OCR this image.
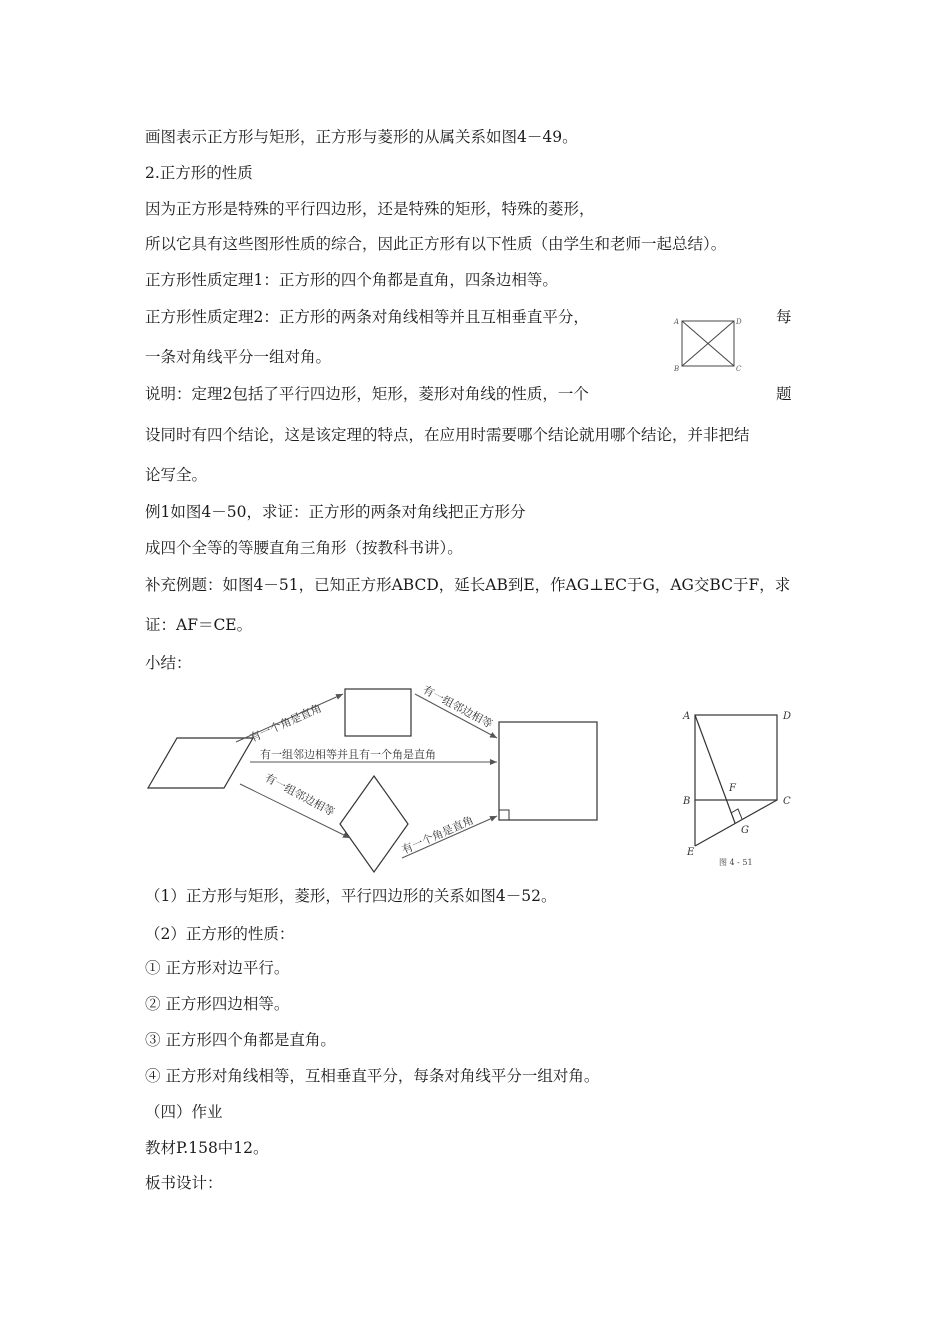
画图表示正方形与矩形，正方形与菱形的从属关系如图4－49。
2.正方形的性质
因为正方形是特殊的平行四边形，还是特殊的矩形，特殊的菱形，
所以它具有这些图形性质的综合，因此正方形有以下性质（由学生和老师一起总结）。
正方形性质定理1：正方形的四个角都是直角，四条边相等。
正方形性质定理2：正方形的两条对角线相等并且互相垂直平分，	每
一条对角线平分一组对角。
说明：定理2包括了平行四边形，矩形，菱形对角线的性质，一个	题
设同时有四个结论，这是该定理的特点，在应用时需要哪个结论就用哪个结论，并非把结
论写全。
例1如图4－50，求证：正方形的两条对角线把正方形分
成四个全等的等腰直角三角形（按教科书讲）。
补充例题：如图4－51，已知正方形ABCD，延长AB到E，作AG⊥EC于G，AG交BC于F，求
证：AF＝CE。
小结：
（1）正方形与矩形，菱形，平行四边形的关系如图4－52。
（2）正方形的性质：
① 正方形对边平行。
② 正方形四边相等。
③ 正方形四个角都是直角。
④ 正方形对角线相等，互相垂直平分，每条对角线平分一组对角。
（四）作业
教材P.158中12。
板书设计：
A	D
B	C
有一个角是直角	有一组邻边相等
有一组邻边相等并且有一个角是直角
有一组邻边相等
有一个角是直角
A	D
B	C
F
G
E
图 4 - 51
